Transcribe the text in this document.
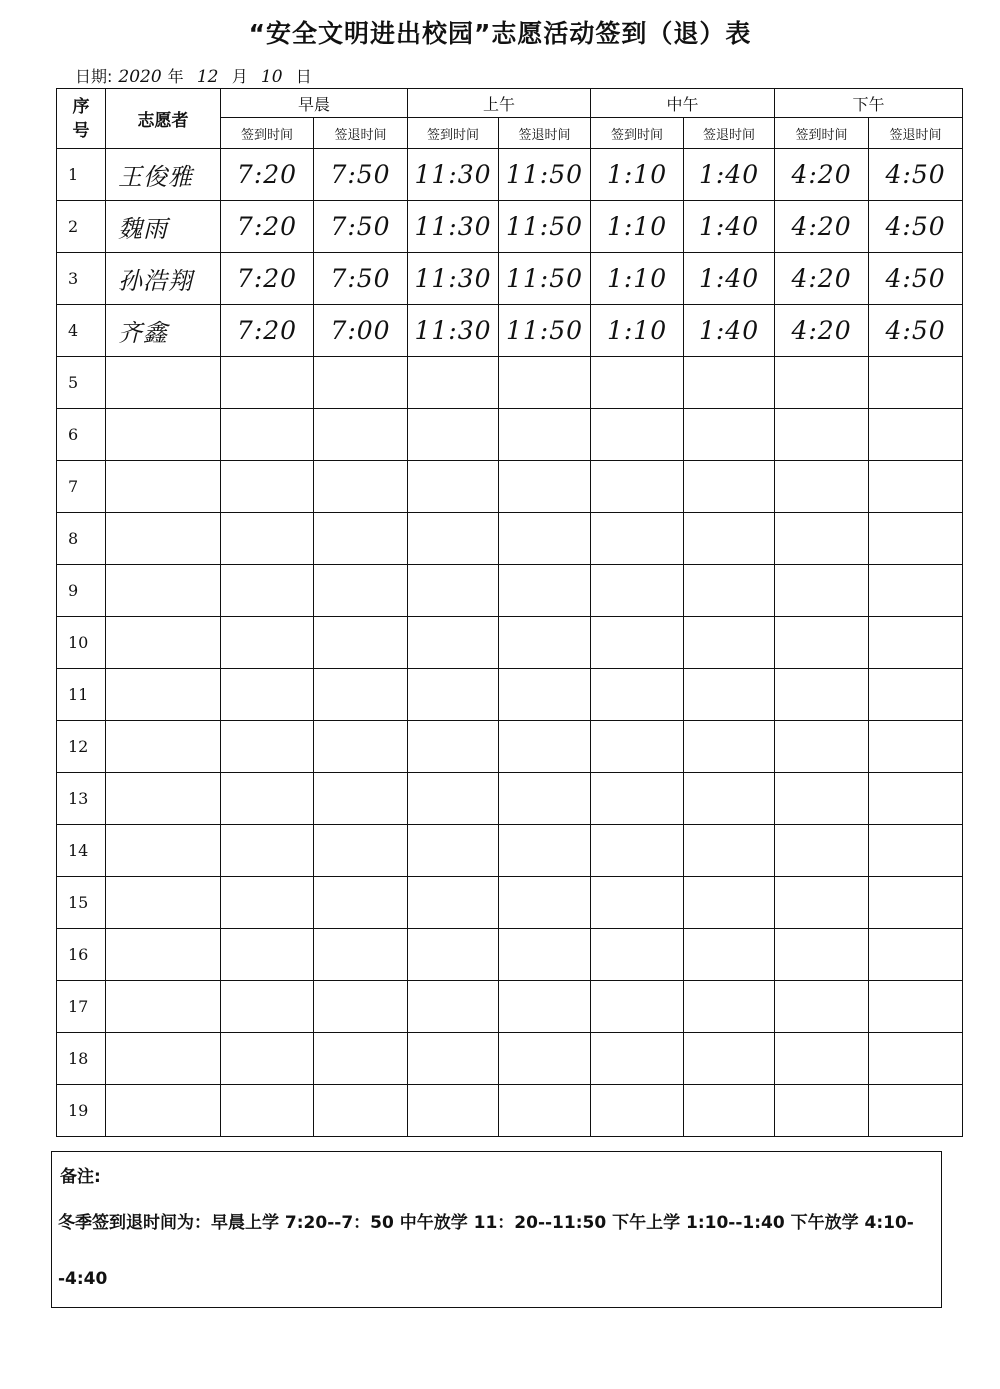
“安全文明进出校园”志愿活动签到（退）表
日期: 2020 年 12 月 10 日
序号	志愿者	早晨		上午		中午		下午	
		签到时间	签退时间	签到时间	签退时间	签到时间	签退时间	签到时间	签退时间
1	王俊雅	7:20	7:50	11:30	11:50	1:10	1:40	4:20	4:50
2	魏雨	7:20	7:50	11:30	11:50	1:10	1:40	4:20	4:50
3	孙浩翔	7:20	7:50	11:30	11:50	1:10	1:40	4:20	4:50
4	齐鑫	7:20	7:00	11:30	11:50	1:10	1:40	4:20	4:50
5									
6									
7									
8									
9									
10									
11									
12									
13									
14									
15									
16									
17									
18									
19									
备注:
冬季签到退时间为：早晨上学 7:20--7：50 中午放学 11：20--11:50 下午上学 1:10--1:40 下午放学 4:10--4:40
